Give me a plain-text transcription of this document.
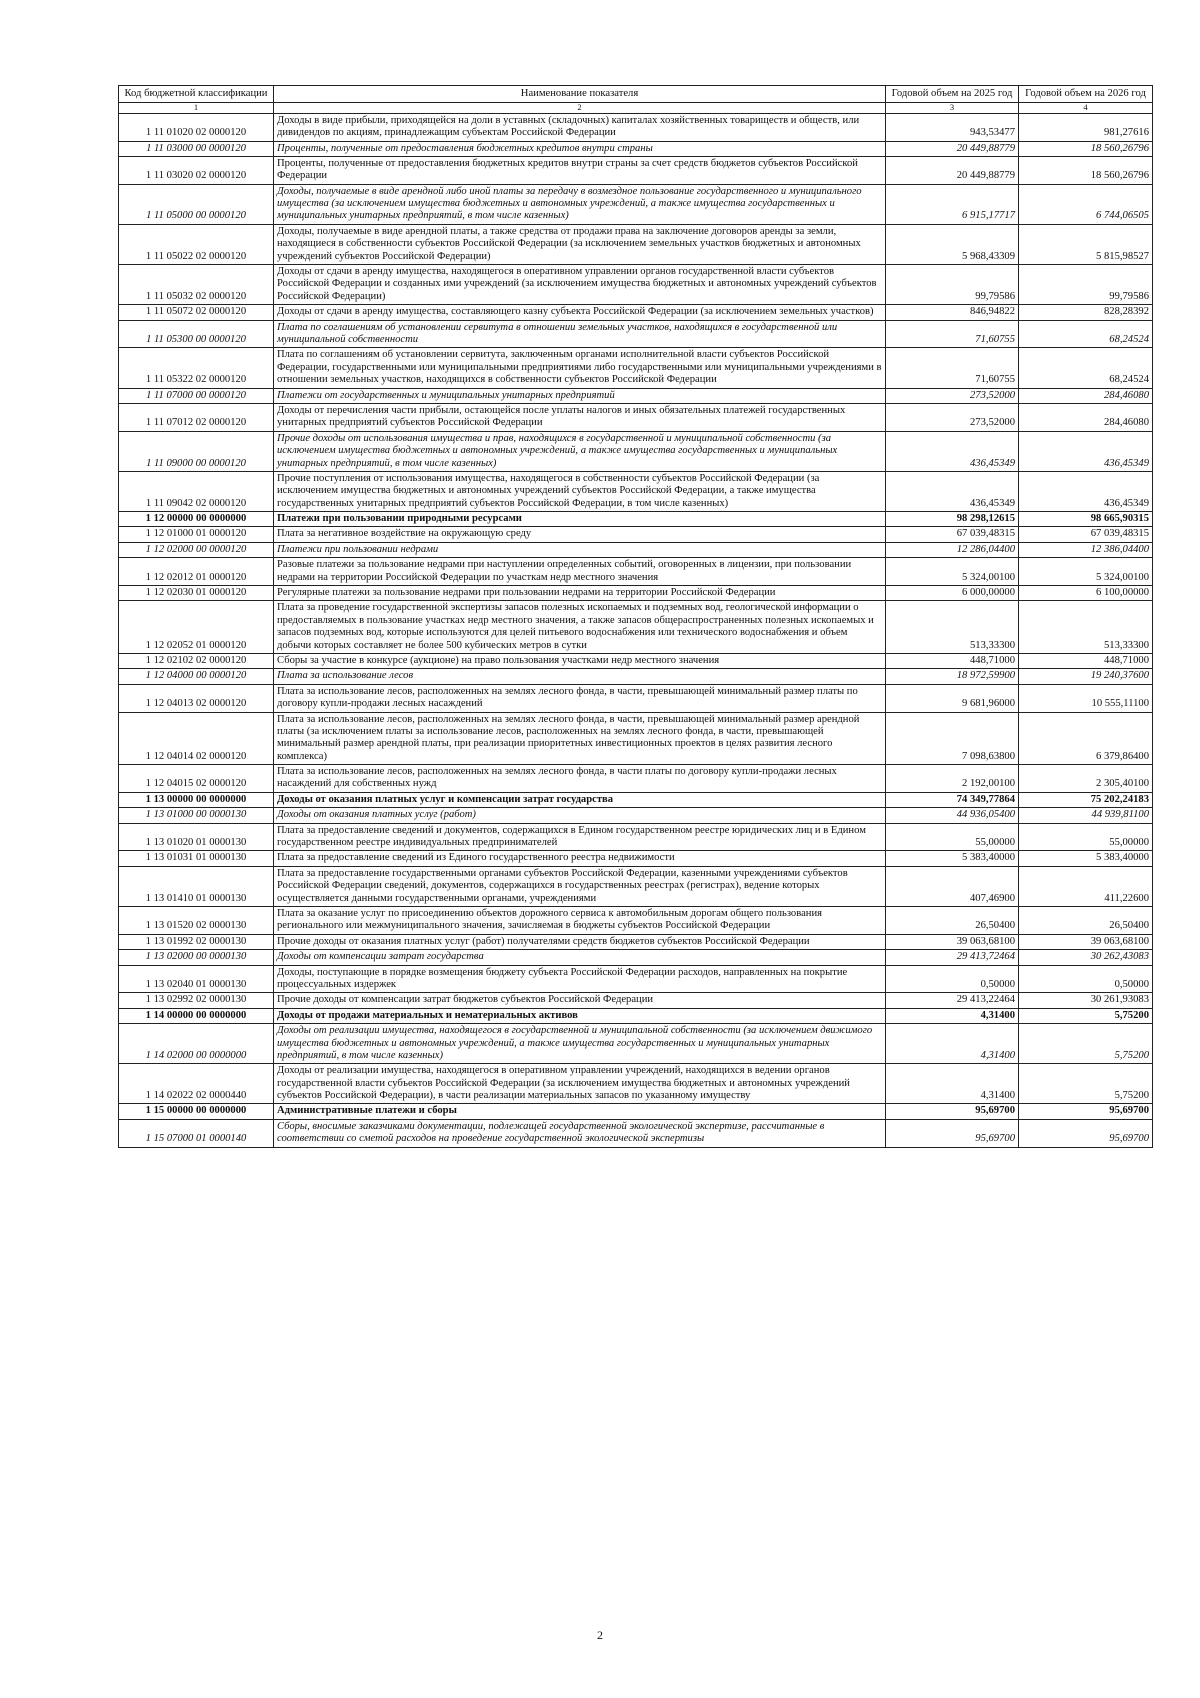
Код бюджетной классификации	Наименование показателя	Годовой объем на 2025 год	Годовой объем на 2026 год
1	2	3	4
1 11 01020 02 0000120	Доходы в виде прибыли, приходящейся на доли в уставных (складочных) капиталах хозяйственных товариществ и обществ, или дивидендов по акциям, принадлежащим субъектам Российской Федерации	943,53477	981,27616
1 11 03000 00 0000120	Проценты, полученные от предоставления бюджетных кредитов внутри страны	20 449,88779	18 560,26796
1 11 03020 02 0000120	Проценты, полученные от предоставления бюджетных кредитов внутри страны за счет средств бюджетов субъектов Российской Федерации	20 449,88779	18 560,26796
1 11 05000 00 0000120	Доходы, получаемые в виде арендной либо иной платы за передачу в возмездное пользование государственного и муниципального имущества (за исключением имущества бюджетных и автономных учреждений, а также имущества государственных и муниципальных унитарных предприятий, в том числе казенных)	6 915,17717	6 744,06505
1 11 05022 02 0000120	Доходы, получаемые в виде арендной платы, а также средства от продажи права на заключение договоров аренды за земли, находящиеся в собственности субъектов Российской Федерации (за исключением земельных участков бюджетных и автономных учреждений субъектов Российской Федерации)	5 968,43309	5 815,98527
1 11 05032 02 0000120	Доходы от сдачи в аренду имущества, находящегося в оперативном управлении органов государственной власти субъектов Российской Федерации и созданных ими учреждений (за исключением имущества бюджетных и автономных учреждений субъектов Российской Федерации)	99,79586	99,79586
1 11 05072 02 0000120	Доходы от сдачи в аренду имущества, составляющего казну субъекта Российской Федерации (за исключением земельных участков)	846,94822	828,28392
1 11 05300 00 0000120	Плата по соглашениям об установлении сервитута в отношении земельных участков, находящихся в государственной или муниципальной собственности	71,60755	68,24524
1 11 05322 02 0000120	Плата по соглашениям об установлении сервитута, заключенным органами исполнительной власти субъектов Российской Федерации, государственными или муниципальными предприятиями либо государственными или муниципальными учреждениями в отношении земельных участков, находящихся в собственности субъектов Российской Федерации	71,60755	68,24524
1 11 07000 00 0000120	Платежи от государственных и муниципальных унитарных предприятий	273,52000	284,46080
1 11 07012 02 0000120	Доходы от перечисления части прибыли, остающейся после уплаты налогов и иных обязательных платежей государственных унитарных предприятий субъектов Российской Федерации	273,52000	284,46080
1 11 09000 00 0000120	Прочие доходы от использования имущества и прав, находящихся в государственной и муниципальной собственности (за исключением имущества бюджетных и автономных учреждений, а также имущества государственных и муниципальных унитарных предприятий, в том числе казенных)	436,45349	436,45349
1 11 09042 02 0000120	Прочие поступления от использования имущества, находящегося в собственности субъектов Российской Федерации (за исключением имущества бюджетных и автономных учреждений субъектов Российской Федерации, а также имущества государственных унитарных предприятий субъектов Российской Федерации, в том числе казенных)	436,45349	436,45349
1 12 00000 00 0000000	Платежи при пользовании природными ресурсами	98 298,12615	98 665,90315
1 12 01000 01 0000120	Плата за негативное воздействие на окружающую среду	67 039,48315	67 039,48315
1 12 02000 00 0000120	Платежи при пользовании недрами	12 286,04400	12 386,04400
1 12 02012 01 0000120	Разовые платежи за пользование недрами при наступлении определенных событий, оговоренных в лицензии, при пользовании недрами на территории Российской Федерации по участкам недр местного значения	5 324,00100	5 324,00100
1 12 02030 01 0000120	Регулярные платежи за пользование недрами при пользовании недрами на территории Российской Федерации	6 000,00000	6 100,00000
1 12 02052 01 0000120	Плата за проведение государственной экспертизы запасов полезных ископаемых и подземных вод, геологической информации о предоставляемых в пользование участках недр местного значения, а также запасов общераспространенных полезных ископаемых и запасов подземных вод, которые используются для целей питьевого водоснабжения или технического водоснабжения и объем добычи которых составляет не более 500 кубических метров в сутки	513,33300	513,33300
1 12 02102 02 0000120	Сборы за участие в конкурсе (аукционе) на право пользования участками недр местного значения	448,71000	448,71000
1 12 04000 00 0000120	Плата за использование лесов	18 972,59900	19 240,37600
1 12 04013 02 0000120	Плата за использование лесов, расположенных на землях лесного фонда, в части, превышающей минимальный размер платы по договору купли-продажи лесных насаждений	9 681,96000	10 555,11100
1 12 04014 02 0000120	Плата за использование лесов, расположенных на землях лесного фонда, в части, превышающей минимальный размер арендной платы (за исключением платы за использование лесов, расположенных на землях лесного фонда, в части, превышающей минимальный размер арендной платы, при реализации приоритетных инвестиционных проектов в целях развития лесного комплекса)	7 098,63800	6 379,86400
1 12 04015 02 0000120	Плата за использование лесов, расположенных на землях лесного фонда, в части платы по договору купли-продажи лесных насаждений для собственных нужд	2 192,00100	2 305,40100
1 13 00000 00 0000000	Доходы от оказания платных услуг и компенсации затрат государства	74 349,77864	75 202,24183
1 13 01000 00 0000130	Доходы от оказания платных услуг (работ)	44 936,05400	44 939,81100
1 13 01020 01 0000130	Плата за предоставление сведений и документов, содержащихся в Едином государственном реестре юридических лиц и в Едином государственном реестре индивидуальных предпринимателей	55,00000	55,00000
1 13 01031 01 0000130	Плата за предоставление сведений из Единого государственного реестра недвижимости	5 383,40000	5 383,40000
1 13 01410 01 0000130	Плата за предоставление государственными органами субъектов Российской Федерации, казенными учреждениями субъектов Российской Федерации сведений, документов, содержащихся в государственных реестрах (регистрах), ведение которых осуществляется данными государственными органами, учреждениями	407,46900	411,22600
1 13 01520 02 0000130	Плата за оказание услуг по присоединению объектов дорожного сервиса к автомобильным дорогам общего пользования регионального или межмуниципального значения, зачисляемая в бюджеты субъектов Российской Федерации	26,50400	26,50400
1 13 01992 02 0000130	Прочие доходы от оказания платных услуг (работ) получателями средств бюджетов субъектов Российской Федерации	39 063,68100	39 063,68100
1 13 02000 00 0000130	Доходы от компенсации затрат государства	29 413,72464	30 262,43083
1 13 02040 01 0000130	Доходы, поступающие в порядке возмещения бюджету субъекта Российской Федерации расходов, направленных на покрытие процессуальных издержек	0,50000	0,50000
1 13 02992 02 0000130	Прочие доходы от компенсации затрат бюджетов субъектов Российской Федерации	29 413,22464	30 261,93083
1 14 00000 00 0000000	Доходы от продажи материальных и нематериальных активов	4,31400	5,75200
1 14 02000 00 0000000	Доходы от реализации имущества, находящегося в государственной и муниципальной собственности (за исключением движимого имущества бюджетных и автономных учреждений, а также имущества государственных и муниципальных унитарных предприятий, в том числе казенных)	4,31400	5,75200
1 14 02022 02 0000440	Доходы от реализации имущества, находящегося в оперативном управлении учреждений, находящихся в ведении органов государственной власти субъектов Российской Федерации (за исключением имущества бюджетных и автономных учреждений субъектов Российской Федерации), в части реализации материальных запасов по указанному имуществу	4,31400	5,75200
1 15 00000 00 0000000	Административные платежи и сборы	95,69700	95,69700
1 15 07000 01 0000140	Сборы, вносимые заказчиками документации, подлежащей государственной экологической экспертизе, рассчитанные в соответствии со сметой расходов на проведение государственной экологической экспертизы	95,69700	95,69700
2
